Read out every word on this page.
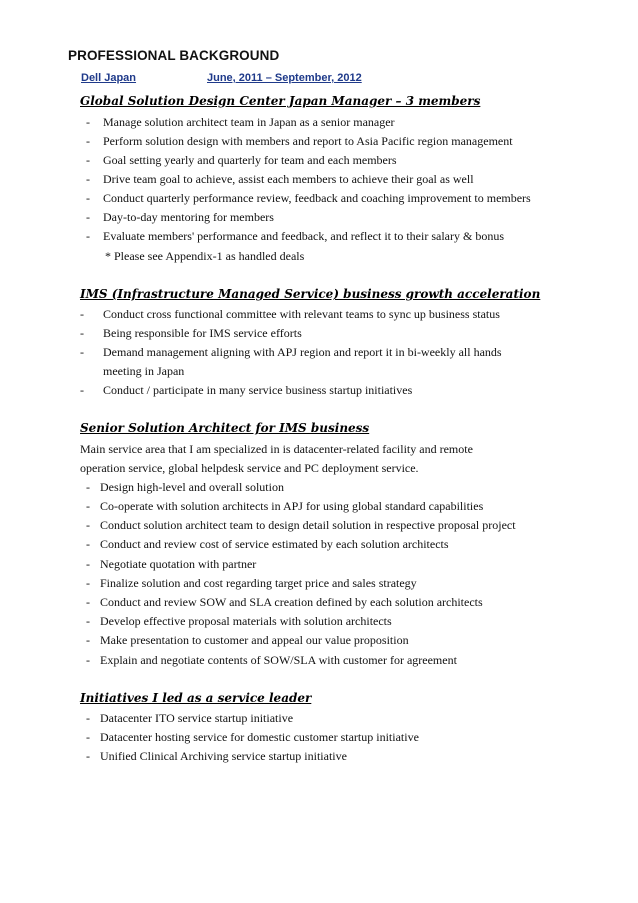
PROFESSIONAL BACKGROUND
Dell Japan	June, 2011 – September, 2012
Global Solution Design Center Japan Manager – 3 members
- Manage solution architect team in Japan as a senior manager
- Perform solution design with members and report to Asia Pacific region management
- Goal setting yearly and quarterly for team and each members
- Drive team goal to achieve, assist each members to achieve their goal as well
- Conduct quarterly performance review, feedback and coaching improvement to members
- Day-to-day mentoring for members
- Evaluate members' performance and feedback, and reflect it to their salary & bonus
* Please see Appendix-1 as handled deals
IMS (Infrastructure Managed Service) business growth acceleration
- Conduct cross functional committee with relevant teams to sync up business status
- Being responsible for IMS service efforts
- Demand management aligning with APJ region and report it in bi-weekly all hands
meeting in Japan
- Conduct / participate in many service business startup initiatives
Senior Solution Architect for IMS business
Main service area that I am specialized in is datacenter-related facility and remote
operation service, global helpdesk service and PC deployment service.
- Design high-level and overall solution
- Co-operate with solution architects in APJ for using global standard capabilities
- Conduct solution architect team to design detail solution in respective proposal project
- Conduct and review cost of service estimated by each solution architects
- Negotiate quotation with partner
- Finalize solution and cost regarding target price and sales strategy
- Conduct and review SOW and SLA creation defined by each solution architects
- Develop effective proposal materials with solution architects
- Make presentation to customer and appeal our value proposition
- Explain and negotiate contents of SOW/SLA with customer for agreement
Initiatives I led as a service leader
- Datacenter ITO service startup initiative
- Datacenter hosting service for domestic customer startup initiative
- Unified Clinical Archiving service startup initiative
